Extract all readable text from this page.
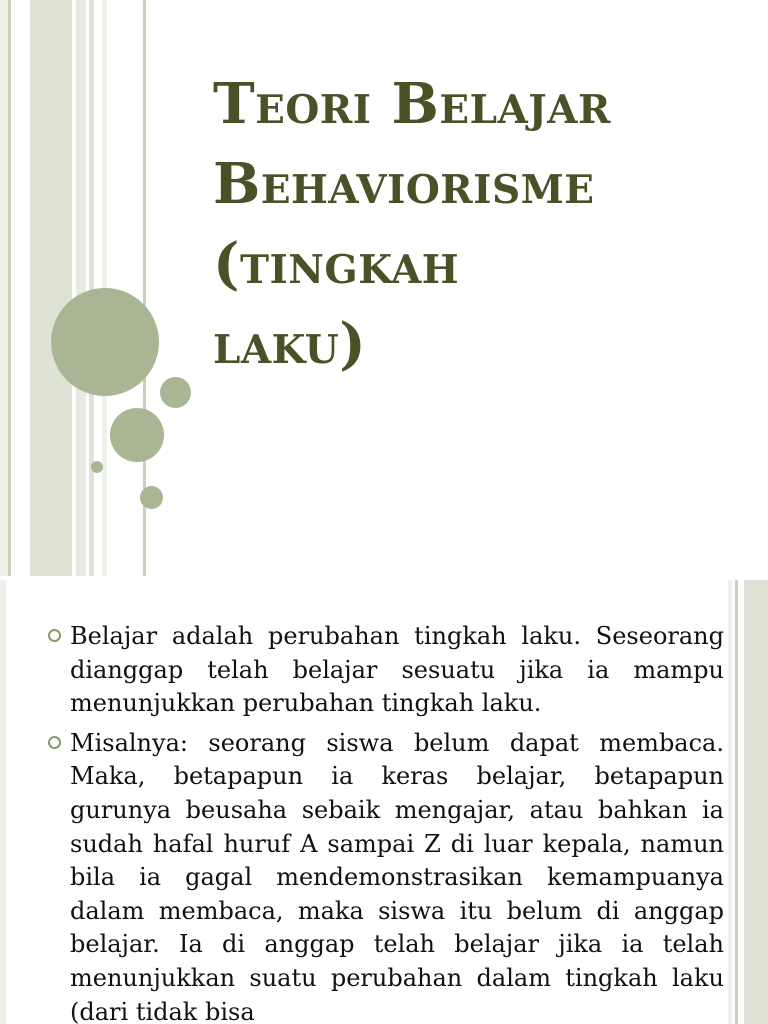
Teori Belajar
Behaviorisme
(tingkah
laku)
Belajar adalah perubahan tingkah laku. Seseorang dianggap telah belajar sesuatu jika ia mampu menunjukkan perubahan tingkah laku.
Misalnya: seorang siswa belum dapat membaca. Maka, betapapun ia keras belajar, betapapun gurunya beusaha sebaik mengajar, atau bahkan ia sudah hafal huruf A sampai Z di luar kepala, namun bila ia gagal mendemonstrasikan kemampuanya dalam membaca, maka siswa itu belum di anggap belajar. Ia di anggap telah belajar jika ia telah menunjukkan suatu perubahan dalam tingkah laku (dari tidak bisa
